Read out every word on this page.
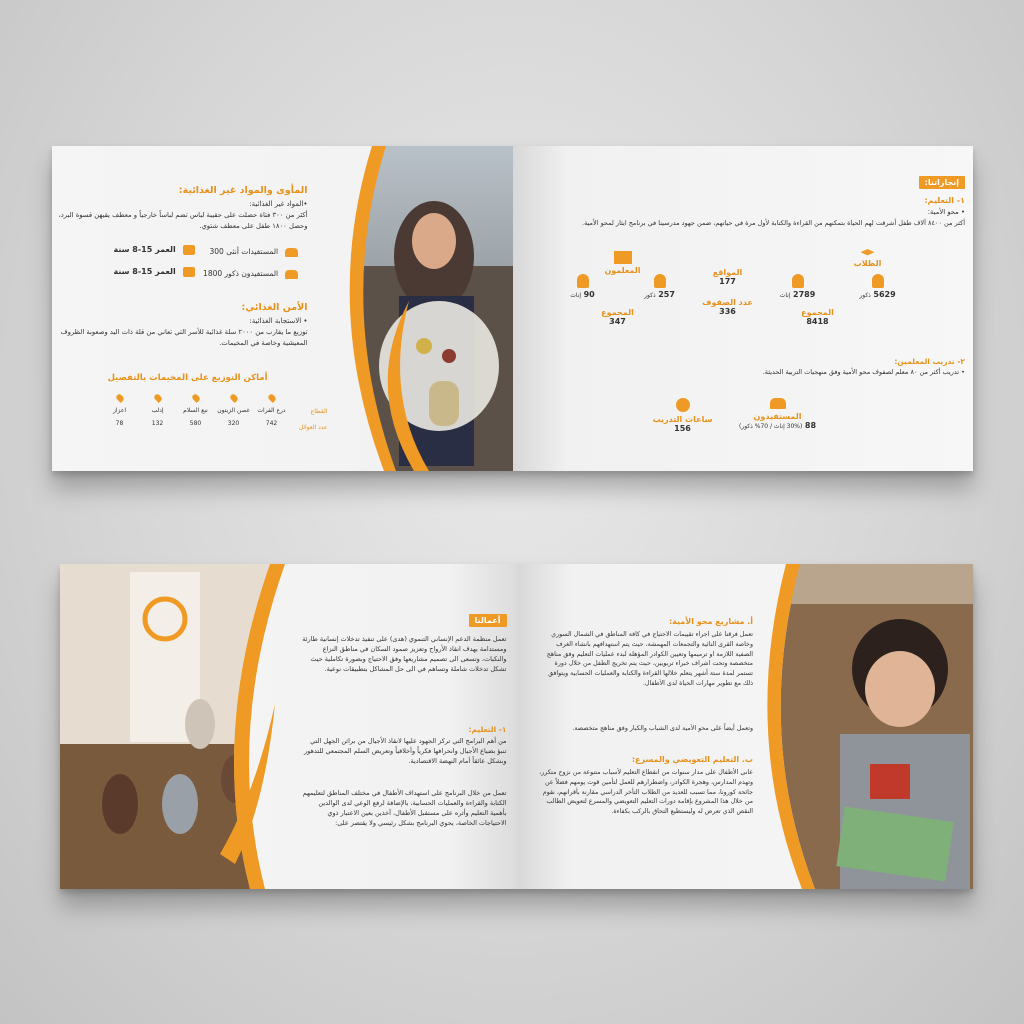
المأوى والمواد غير الغذائية:
•المواد غير الغذائية:
أكثر من ٣٠٠ فتاة حصلت على حقيبة لباس تضم لباساً خارجياً و معطف يقيهن قسوة البرد، وحصل ١٨٠٠ طفل على معطف شتوي.
المستفيدات أنثى 300
المستفيدون ذكور 1800
العمر 15-8 سنة
العمر 15-8 سنة
الأمن الغذائي:
• الاستجابة الغذائية:
توزيع ما يقارب من ٢٠٠٠ سلة غذائية للأسر التي تعاني من قلة ذات اليد وصعوبة الظروف المعيشية وخاصة في المخيمات.
أماكن التوزيع على المخيمات بالتفصيل
القطاع
عدد العوائل
درع الفرات
742
غصن الزيتون
320
نبع السلام
580
إدلب
132
اعزاز
78
إنجازاتنا:
١- التعليم:
• محو الأمية:
أكثر من ٨٤٠٠ آلاف طفل أشرقت لهم الحياة بتمكنهم من القراءة والكتابة لأول مرة في حياتهم، ضمن جهود مدرسينا في برنامج ايثار لمحو الأمية.
الطلاب

5629 ذكور

2789 إناث
المجموع
8418
المواقع
177
عدد الصفوف
336
المعلمون

257 ذكور

90 إناث
المجموع
347
٢- تدريب المعلمين:
• تدريب أكثر من ٨٠ معلم لصفوف محو الأمية وفق منهجيات التربية الحديثة.
المستفيدون
88 (30% إناث / 70% ذكور)
ساعات التدريب
156
أعمالنا
تعمل منظمة الدعم الإنساني التنموي (هدى) على تنفيذ تدخلات إنسانية طارئة ومستدامة بهدف انقاذ الأرواح وتعزيز صمود السكان في مناطق النزاع والنكبات، وتسعى الى تصميم مشاريعها وفق الاحتياج وبصورة تكاملية حيث تشكل تدخلات شاملة وتساهم في الى حل المشاكل بتطبيقات نوعية.
١- التعليم:
من أهم البرامج التي تركز الجهود عليها لانقاذ الأجيال من براثن الجهل التي تنبؤ بضياع الأجيال وانحرافها فكرياً وأخلاقياً وتعريض السلم المجتمعي للتدهور وبشكل عائقاً أمام النهضة الاقتصادية.
تعمل من خلال البرنامج على استهداف الأطفال في مختلف المناطق لتعليمهم الكتابة والقراءة والعمليات الحسابية، بالإضافة لرفع الوعي لدى الوالدين بأهمية التعليم وأثره على مستقبل الأطفال، آخذين بعين الاعتبار ذوي الاحتياجات الخاصة، يحوي البرنامج بشكل رئيسي ولا يقتصر على:
أ. مشاريع محو الأمية:
تعمل فرقنا على اجراء تقييمات الاحتياج في كافة المناطق في الشمال السوري وخاصة القرى النائية والتجمعات المهمشة، حيث يتم استهدافهم بانشاء الغرف الصفية اللازمة او ترميمها وتعيين الكوادر المؤهلة لبدء عمليات التعليم وفق مناهج متخصصة وتحت اشراف خبراء تربويين، حيث يتم تخريج الطفل من خلال دورة تستمر لمدة ستة أشهر يتعلم خلالها القراءة والكتابة والعمليات الحسابية ويتوافق ذلك مع تطوير مهارات الحياة لدى الأطفال.
وتعمل أيضاً على محو الأمية لدى الشباب والكبار وفق مناهج متخصصة.
ب. التعليم التعويضي والمسرع:
عانى الأطفال على مدار سنوات من انقطاع التعليم لأسباب متنوعة من نزوح متكرر، وتهدم المدارس، وهجرة الكوادر، واضطرارهم للعمل لتأمين قوت يومهم فضلاً عن جائحة كورونا، مما تسبب للعديد من الطلاب التأخر الدراسي مقارنة بأقرانهم، نقوم من خلال هذا المشروع بإقامة دورات التعليم التعويضي والمسرع لتعويض الطالب النقص الذي تعرض له وليستطيع التحاق بالركب بكفاءة.
